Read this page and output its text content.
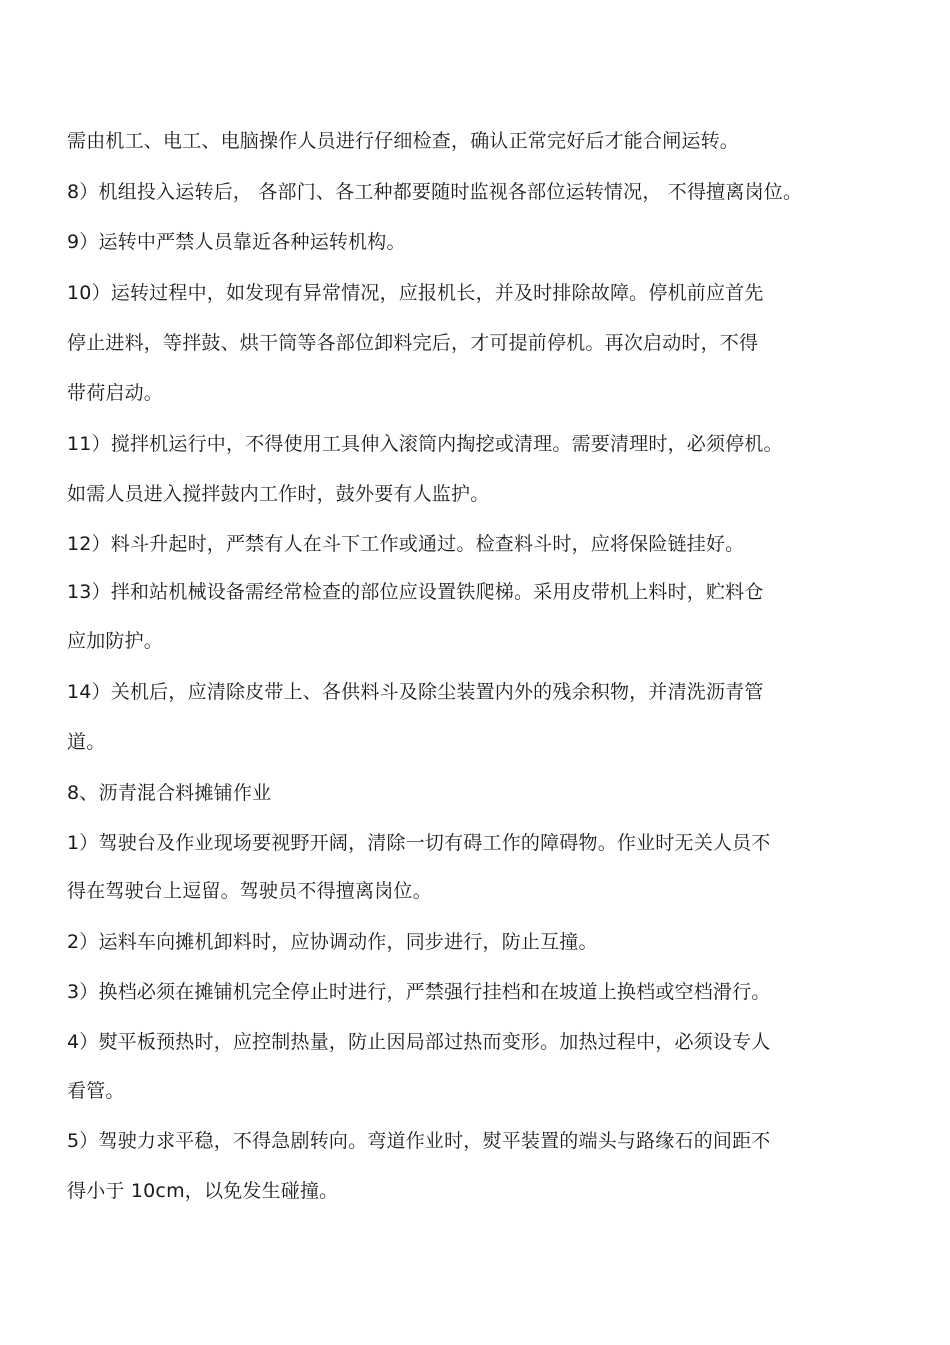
需由机工、电工、电脑操作人员进行仔细检查，确认正常完好后才能合闸运转。
8）机组投入运转后， 各部门、各工种都要随时监视各部位运转情况， 不得擅离岗位。
9）运转中严禁人员靠近各种运转机构。
10）运转过程中，如发现有异常情况，应报机长，并及时排除故障。停机前应首先
停止进料，等拌鼓、烘干筒等各部位卸料完后，才可提前停机。再次启动时，不得
带荷启动。
11）搅拌机运行中，不得使用工具伸入滚筒内掏挖或清理。需要清理时，必须停机。
如需人员进入搅拌鼓内工作时，鼓外要有人监护。
12）料斗升起时，严禁有人在斗下工作或通过。检查料斗时，应将保险链挂好。
13）拌和站机械设备需经常检查的部位应设置铁爬梯。采用皮带机上料时，贮料仓
应加防护。
14）关机后，应清除皮带上、各供料斗及除尘装置内外的残余积物，并清洗沥青管
道。
8、沥青混合料摊铺作业
1）驾驶台及作业现场要视野开阔，清除一切有碍工作的障碍物。作业时无关人员不
得在驾驶台上逗留。驾驶员不得擅离岗位。
2）运料车向摊机卸料时，应协调动作，同步进行，防止互撞。
3）换档必须在摊铺机完全停止时进行，严禁强行挂档和在坡道上换档或空档滑行。
4）熨平板预热时，应控制热量，防止因局部过热而变形。加热过程中，必须设专人
看管。
5）驾驶力求平稳，不得急剧转向。弯道作业时，熨平装置的端头与路缘石的间距不
得小于 10cm，以免发生碰撞。
